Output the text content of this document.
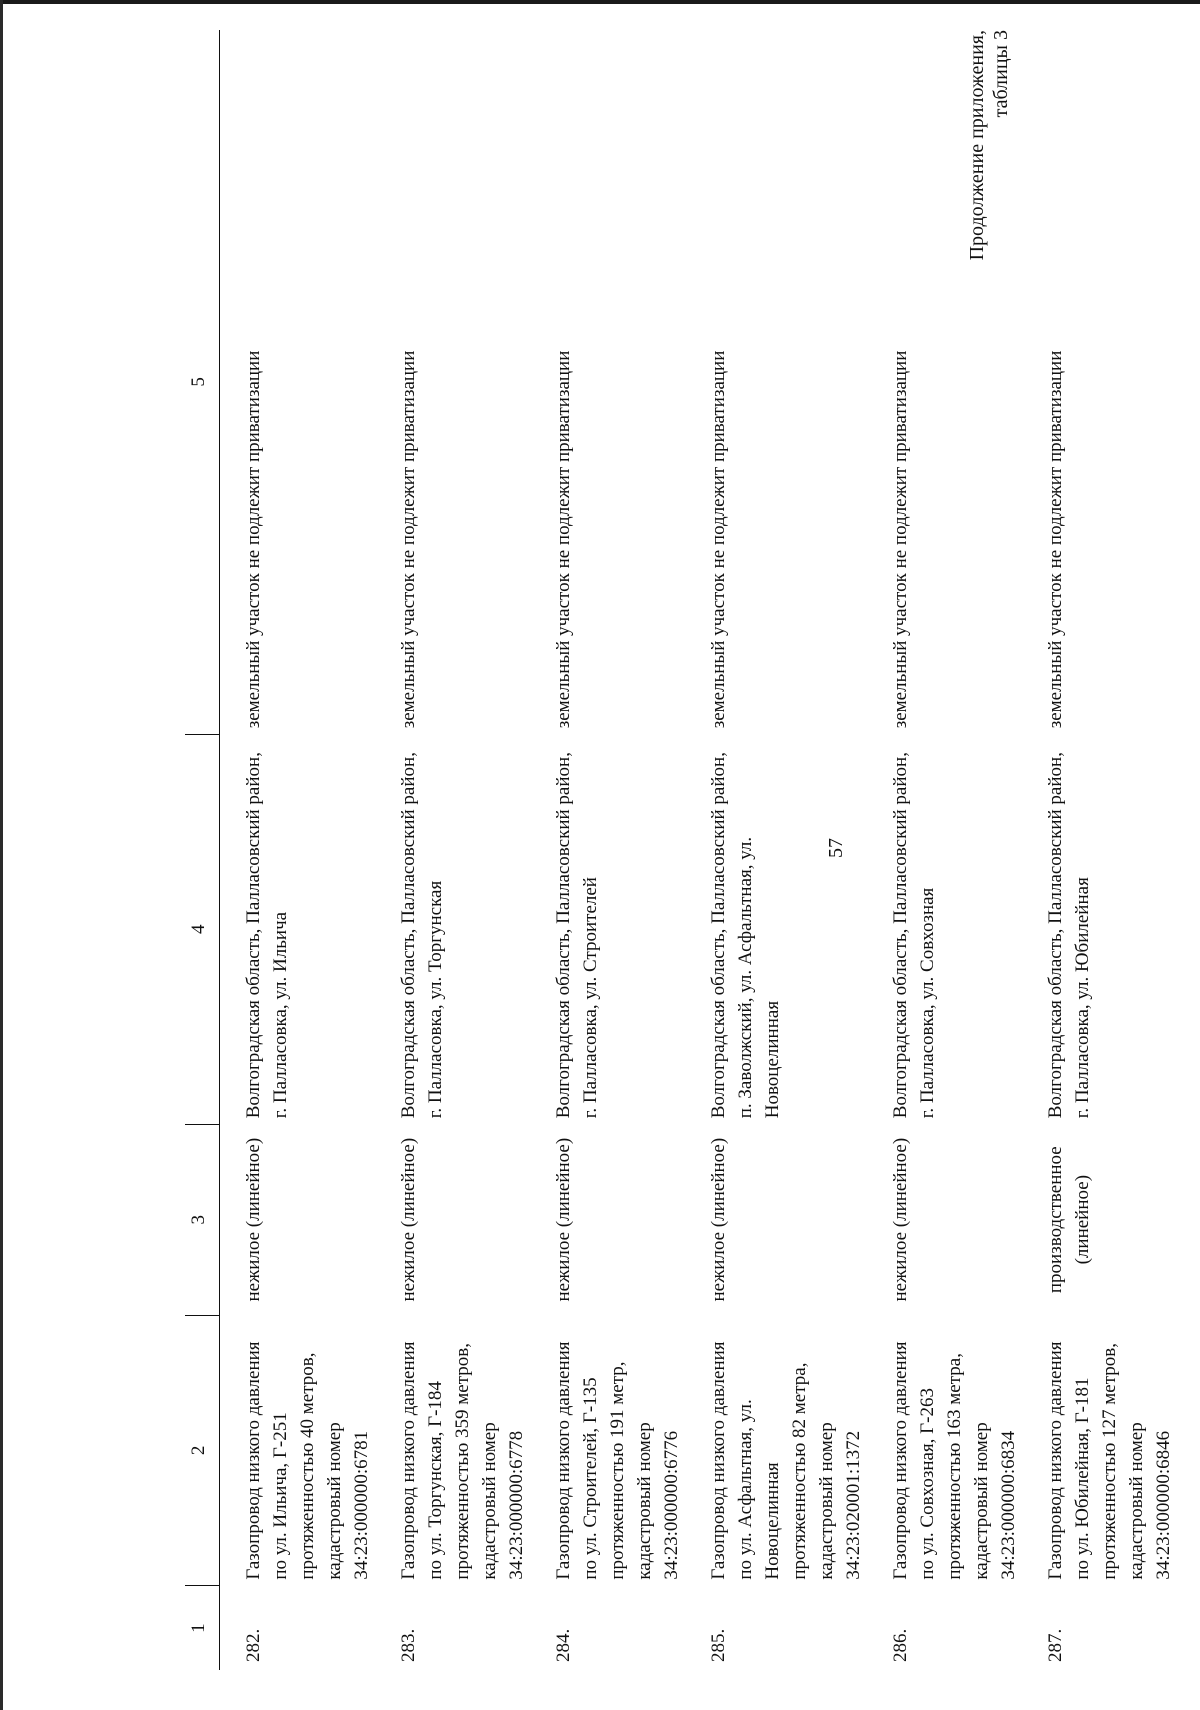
57
Продолжение приложения, таблицы 3
1	2	3	4	5

282.	Газопровод низкого давления по ул. Ильича, Г-251 протяженностью 40 метров, кадастровый номер 34:23:000000:6781	нежилое (линейное)	Волгоградская область, Палласовский район, г. Палласовка, ул. Ильича	земельный участок не подлежит приватизации

283.	Газопровод низкого давления по ул. Торгунская, Г-184 протяженностью 359 метров, кадастровый номер 34:23:000000:6778	нежилое (линейное)	Волгоградская область, Палласовский район, г. Палласовка, ул. Торгунская	земельный участок не подлежит приватизации

284.	Газопровод низкого давления по ул. Строителей, Г-135 протяженностью 191 метр, кадастровый номер 34:23:000000:6776	нежилое (линейное)	Волгоградская область, Палласовский район, г. Палласовка, ул. Строителей	земельный участок не подлежит приватизации

285.	Газопровод низкого давления по ул. Асфальтная, ул. Новоцелинная протяженностью 82 метра, кадастровый номер 34:23:020001:1372	нежилое (линейное)	Волгоградская область, Палласовский район, п. Заволжский, ул. Асфальтная, ул. Новоцелинная	земельный участок не подлежит приватизации

286.	Газопровод низкого давления по ул. Совхозная, Г-263 протяженностью 163 метра, кадастровый номер 34:23:000000:6834	нежилое (линейное)	Волгоградская область, Палласовский район, г. Палласовка, ул. Совхозная	земельный участок не подлежит приватизации

287.	Газопровод низкого давления по ул. Юбилейная, Г-181 протяженностью 127 метров, кадастровый номер 34:23:000000:6846	производственное (линейное)	Волгоградская область, Палласовский район, г. Палласовка, ул. Юбилейная	земельный участок не подлежит приватизации
